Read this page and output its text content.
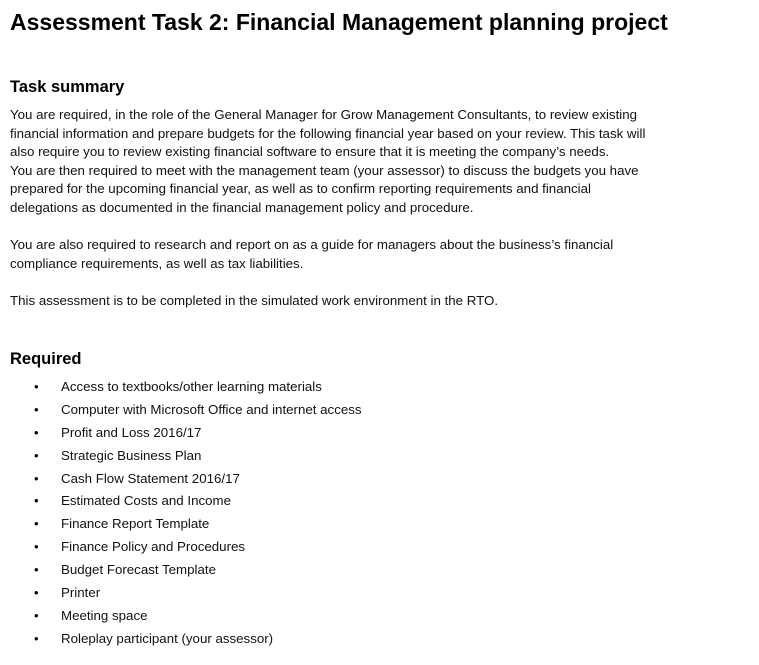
Assessment Task 2: Financial Management planning project
Task summary

You are required, in the role of the General Manager for Grow Management Consultants, to review existing
financial information and prepare budgets for the following financial year based on your review. This task will
also require you to review existing financial software to ensure that it is meeting the company’s needs.
You are then required to meet with the management team (your assessor) to discuss the budgets you have
prepared for the upcoming financial year, as well as to confirm reporting requirements and financial
delegations as documented in the financial management policy and procedure.

You are also required to research and report on as a guide for managers about the business’s financial
compliance requirements, as well as tax liabilities.

This assessment is to be completed in the simulated work environment in the RTO.

Required
• Access to textbooks/other learning materials
• Computer with Microsoft Office and internet access
• Profit and Loss 2016/17
• Strategic Business Plan
• Cash Flow Statement 2016/17
• Estimated Costs and Income
• Finance Report Template
• Finance Policy and Procedures
• Budget Forecast Template
• Printer
• Meeting space
• Roleplay participant (your assessor)
